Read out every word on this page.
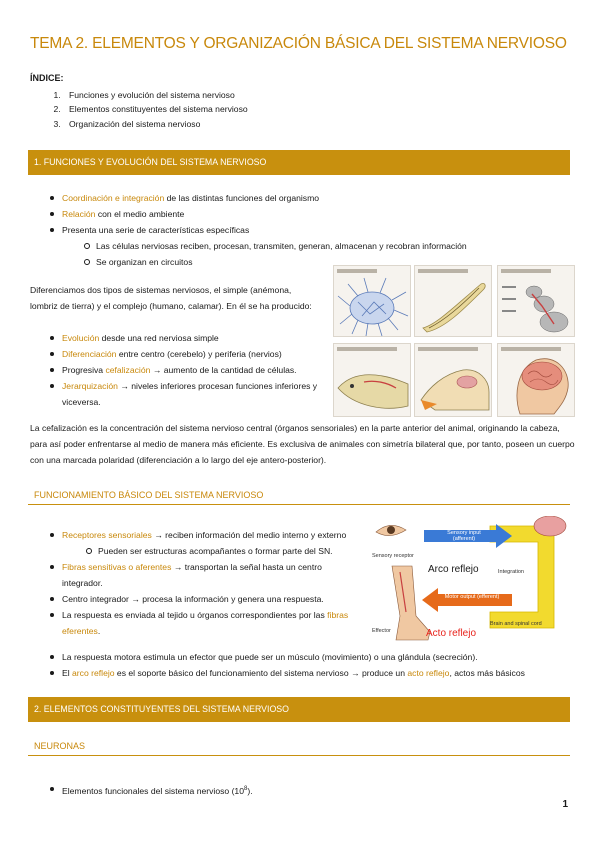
TEMA 2. ELEMENTOS Y ORGANIZACIÓN BÁSICA DEL SISTEMA NERVIOSO
ÍNDICE:
1. Funciones y evolución del sistema nervioso
2. Elementos constituyentes del sistema nervioso
3. Organización del sistema nervioso
1. FUNCIONES Y EVOLUCIÓN DEL SISTEMA NERVIOSO
Coordinación e integración de las distintas funciones del organismo
Relación con el medio ambiente
Presenta una serie de características específicas
Las células nerviosas reciben, procesan, transmiten, generan, almacenan y recobran información
Se organizan en circuitos
Diferenciamos dos tipos de sistemas nerviosos, el simple (anémona, lombriz de tierra) y el complejo (humano, calamar). En él se ha producido:
Evolución desde una red nerviosa simple
Diferenciación entre centro (cerebelo) y periferia (nervios)
Progresiva cefalización → aumento de la cantidad de células.
Jerarquización → niveles inferiores procesan funciones inferiores y viceversa.
La cefalización es la concentración del sistema nervioso central (órganos sensoriales) en la parte anterior del animal, originando la cabeza, para así poder enfrentarse al medio de manera más eficiente. Es exclusiva de animales con simetría bilateral que, por tanto, poseen un cuerpo con una marcada polaridad (diferenciación a lo largo del eje antero-posterior).
FUNCIONAMIENTO BÁSICO DEL SISTEMA NERVIOSO
Receptores sensoriales → reciben información del medio interno y externo
Pueden ser estructuras acompañantes o formar parte del SN.
Fibras sensitivas o aferentes → transportan la señal hasta un centro integrador.
Centro integrador → procesa la información y genera una respuesta.
La respuesta es enviada al tejido u órganos correspondientes por las fibras eferentes.
La respuesta motora estimula un efector que puede ser un músculo (movimiento) o una glándula (secreción).
El arco reflejo es el soporte básico del funcionamiento del sistema nervioso → produce un acto reflejo, actos más básicos
Sensory input (afferent)
Integration
Motor output (efferent)
Arco reflejo
Acto reflejo
Sensory receptor
Effector
Brain and spinal cord
2. ELEMENTOS CONSTITUYENTES DEL SISTEMA NERVIOSO
NEURONAS
Elementos funcionales del sistema nervioso $(10^8)$.
1
